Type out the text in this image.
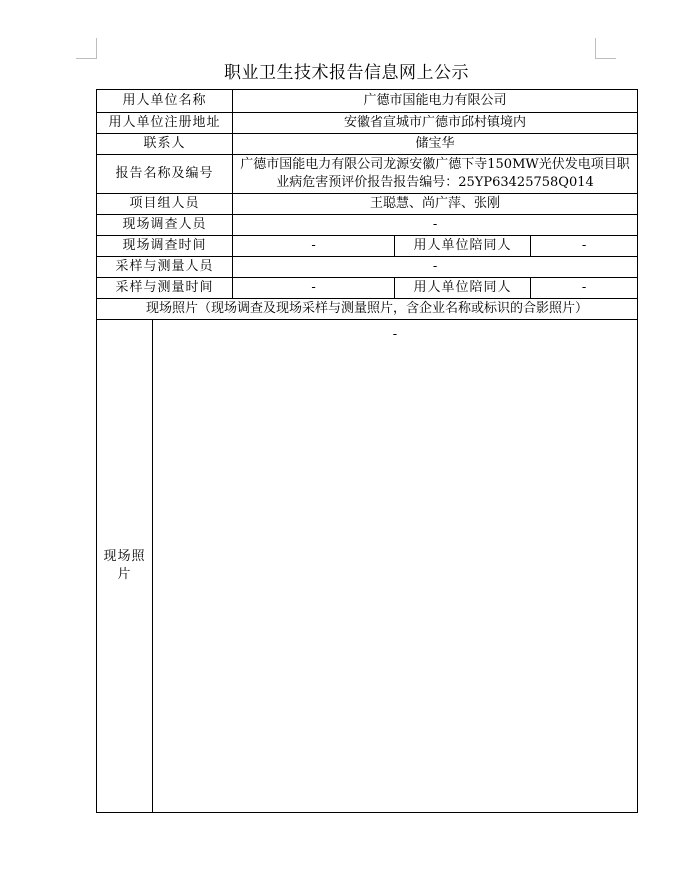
职业卫生技术报告信息网上公示
用人单位名称		广德市国能电力有限公司		
用人单位注册地址		安徽省宣城市广德市邱村镇境内		
联系人		储宝华		
报告名称及编号		广德市国能电力有限公司龙源安徽广德下寺150MW光伏发电项目职业病危害预评价报告报告编号：25YP63425758Q014		
项目组人员		王聪慧、尚广萍、张刚		
现场调查人员		-		
现场调查时间		-	用人单位陪同人	-
采样与测量人员		-		
采样与测量时间		-	用人单位陪同人	-
现场照片（现场调查及现场采样与测量照片，含企业名称或标识的合影照片）				
现场照片	-			
